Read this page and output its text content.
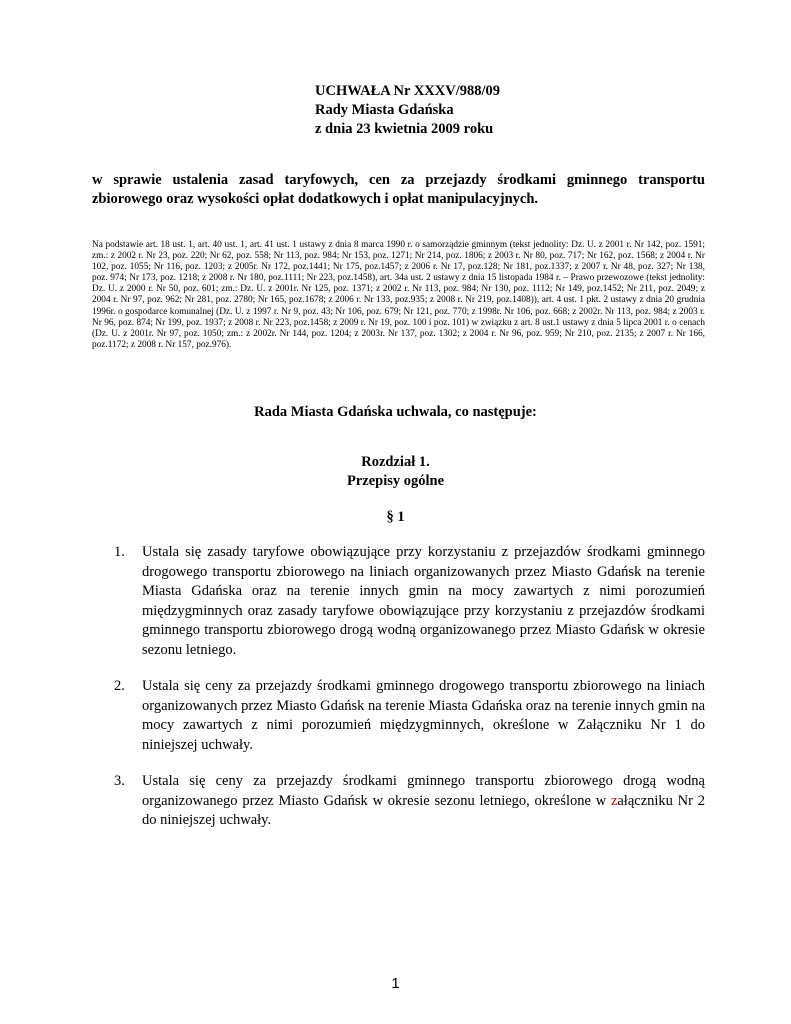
UCHWAŁA Nr XXXV/988/09
Rady Miasta Gdańska
z dnia 23 kwietnia 2009 roku
w sprawie ustalenia zasad taryfowych, cen za przejazdy środkami gminnego transportu zbiorowego oraz wysokości opłat dodatkowych i opłat manipulacyjnych.
Na podstawie art. 18 ust. 1, art. 40 ust. 1, art. 41 ust. 1 ustawy z dnia 8 marca 1990 r. o samorządzie gminnym (tekst jednolity: Dz. U. z 2001 r. Nr 142, poz. 1591; zm.: z 2002 r. Nr 23, poz. 220; Nr 62, poz. 558; Nr 113, poz. 984; Nr 153, poz. 1271; Nr 214, poz. 1806; z 2003 r. Nr 80, poz. 717; Nr 162, poz. 1568; z 2004 r. Nr 102, poz. 1055; Nr 116, poz. 1203; z 2005r. Nr 172, poz.1441; Nr 175, poz.1457; z 2006 r. Nr 17, poz.128; Nr 181, poz.1337; z 2007 r. Nr 48, poz. 327; Nr 138, poz. 974; Nr 173, poz. 1218; z 2008 r. Nr 180, poz.1111; Nr 223, poz.1458), art. 34a ust. 2 ustawy z dnia 15 listopada 1984 r. – Prawo przewozowe (tekst jednolity: Dz. U. z 2000 r. Nr 50, poz. 601; zm.: Dz. U. z 2001r. Nr 125, poz. 1371; z 2002 r. Nr 113, poz. 984; Nr 130, poz. 1112; Nr 149, poz.1452; Nr 211, poz. 2049; z 2004 r. Nr 97, poz. 962; Nr 281, poz. 2780; Nr 165, poz.1678; z 2006 r. Nr 133, poz.935; z 2008 r. Nr 219, poz.1408)), art. 4 ust. 1 pkt. 2 ustawy z dnia 20 grudnia 1996r. o gospodarce komunalnej (Dz. U. z 1997 r. Nr 9, poz. 43; Nr 106, poz. 679; Nr 121, poz. 770; z 1998r. Nr 106, poz. 668; z 2002r. Nr 113, poz. 984; z 2003 r. Nr 96, poz. 874; Nr 199, poz. 1937; z 2008 r. Nr 223, poz.1458; z 2009 r. Nr 19, poz. 100 i poz. 101) w związku z art. 8 ust.1 ustawy z dnia 5 lipca 2001 r. o cenach (Dz. U. z 2001r. Nr 97, poz. 1050; zm.: z 2002r. Nr 144, poz. 1204; z 2003r. Nr 137, poz. 1302; z 2004 r. Nr 96, poz. 959; Nr 210, poz. 2135; z 2007 r. Nr 166, poz.1172; z 2008 r. Nr 157, poz.976).
Rada Miasta Gdańska uchwala, co następuje:
Rozdział 1.
Przepisy ogólne
§ 1
1. Ustala się zasady taryfowe obowiązujące przy korzystaniu z przejazdów środkami gminnego drogowego transportu zbiorowego na liniach organizowanych przez Miasto Gdańsk na terenie Miasta Gdańska oraz na terenie innych gmin na mocy zawartych z nimi porozumień międzygminnych oraz zasady taryfowe obowiązujące przy korzystaniu z przejazdów środkami gminnego transportu zbiorowego drogą wodną organizowanego przez Miasto Gdańsk w okresie sezonu letniego.
2. Ustala się ceny za przejazdy środkami gminnego drogowego transportu zbiorowego na liniach organizowanych przez Miasto Gdańsk na terenie Miasta Gdańska oraz na terenie innych gmin na mocy zawartych z nimi porozumień międzygminnych, określone w Załączniku Nr 1 do niniejszej uchwały.
3. Ustala się ceny za przejazdy środkami gminnego transportu zbiorowego drogą wodną organizowanego przez Miasto Gdańsk w okresie sezonu letniego, określone w załączniku Nr 2 do niniejszej uchwały.
1
